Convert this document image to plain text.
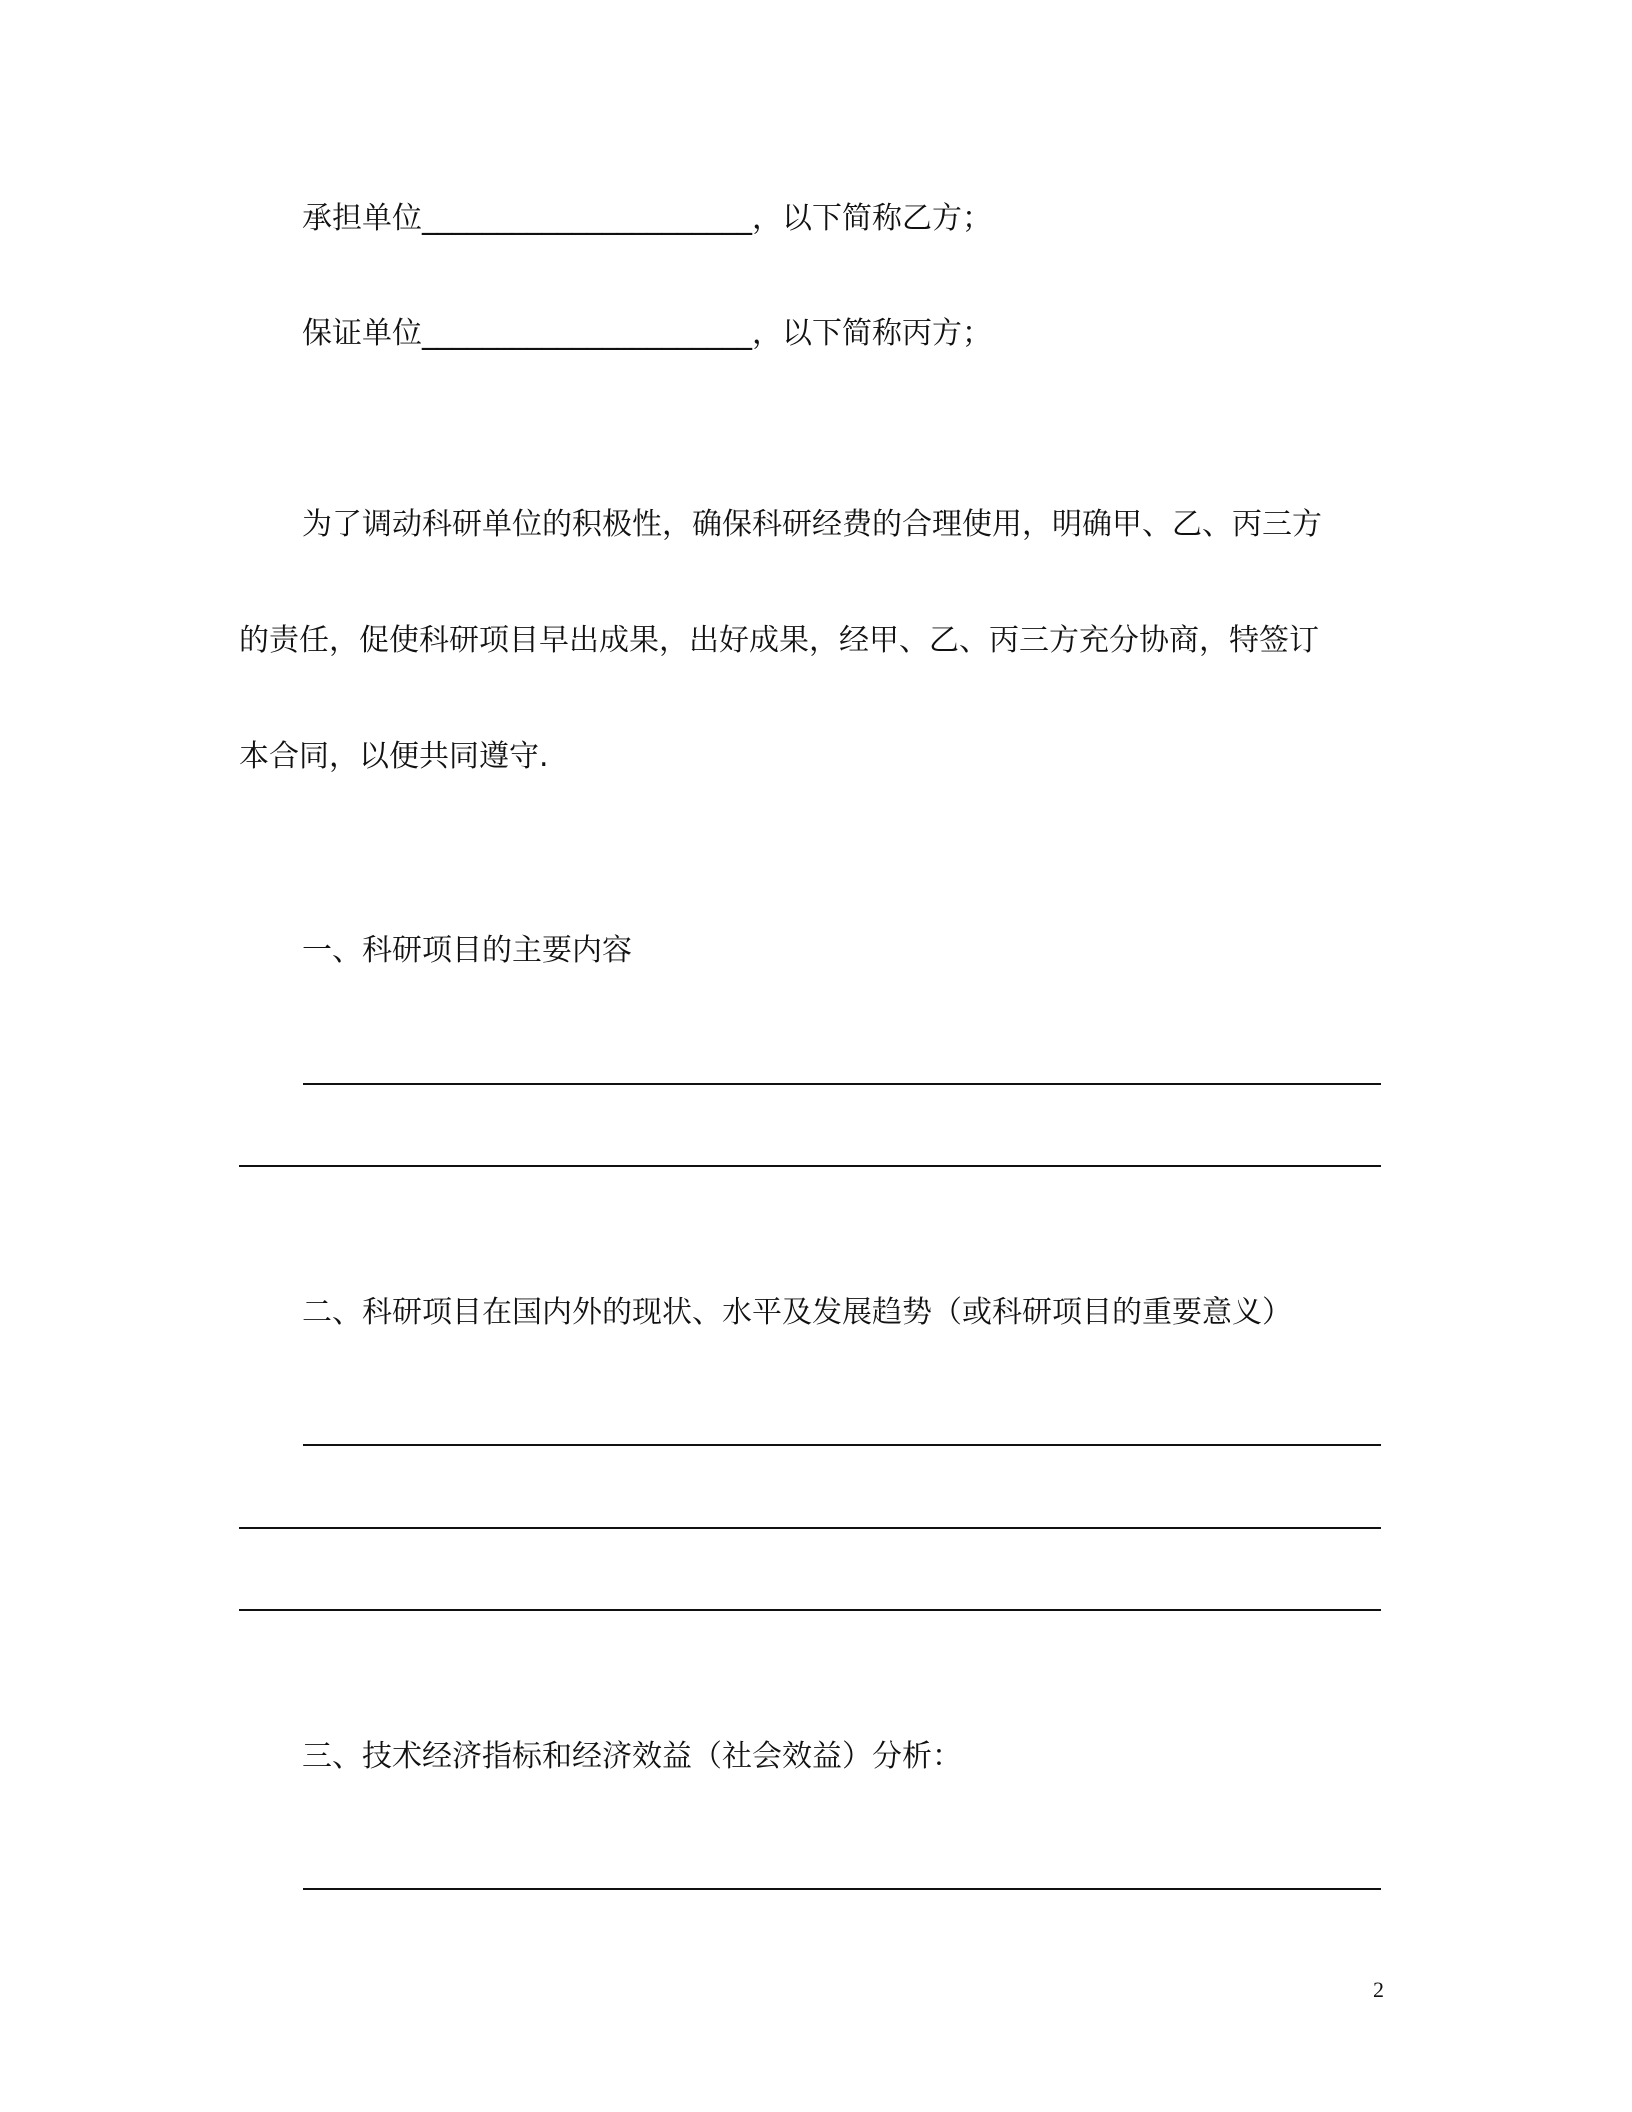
承担单位______________________，以下简称乙方；
保证单位______________________，以下简称丙方；
为了调动科研单位的积极性，确保科研经费的合理使用，明确甲、乙、丙三方
的责任，促使科研项目早出成果，出好成果，经甲、乙、丙三方充分协商，特签订
本合同，以便共同遵守.
一、科研项目的主要内容
二、科研项目在国内外的现状、水平及发展趋势（或科研项目的重要意义）
三、技术经济指标和经济效益（社会效益）分析：
2
